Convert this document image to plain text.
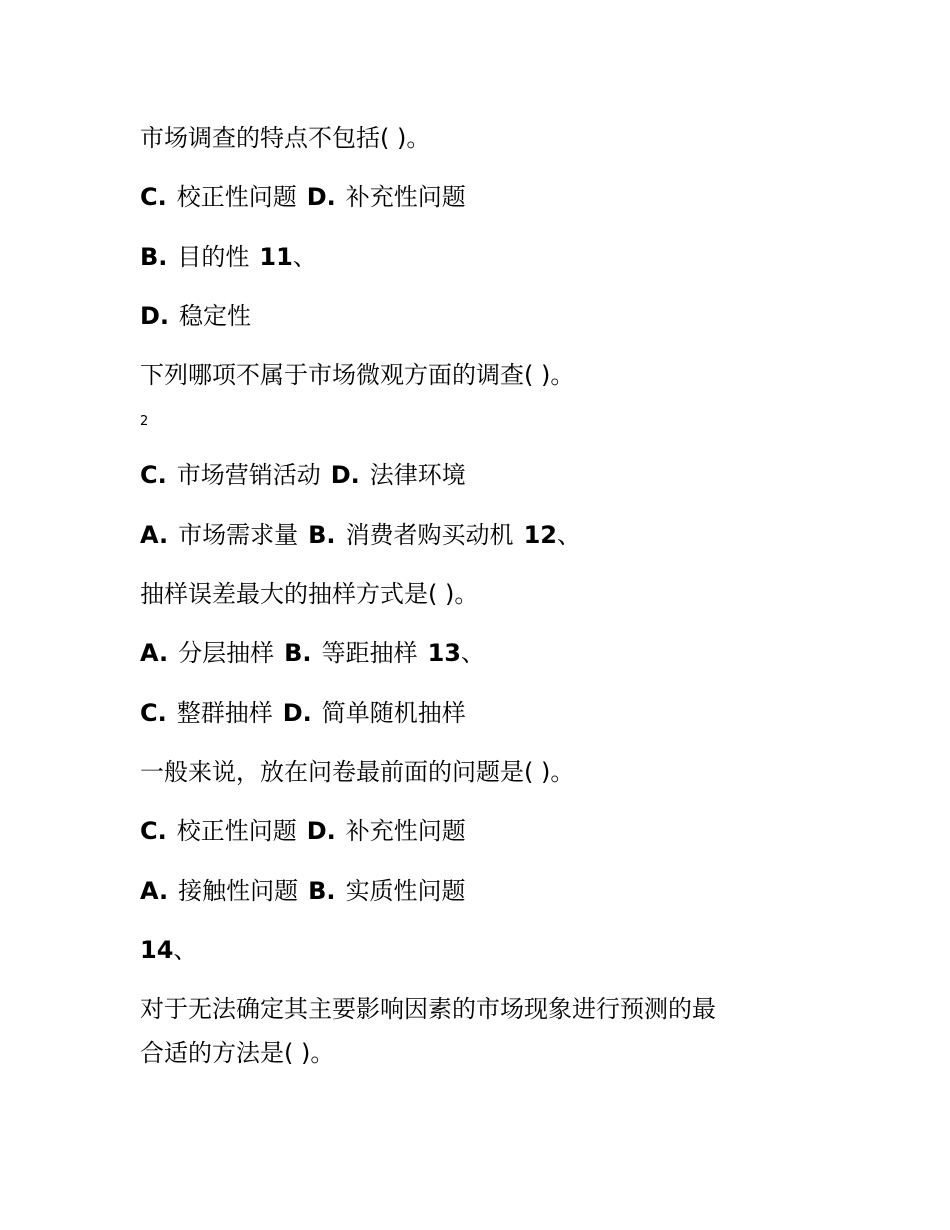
市场调查的特点不包括( )。
C. 校正性问题 D. 补充性问题
B. 目的性 11、
D. 稳定性
下列哪项不属于市场微观方面的调查( )。
2
C. 市场营销活动 D. 法律环境
A. 市场需求量 B. 消费者购买动机 12、
抽样误差最大的抽样方式是( )。
A. 分层抽样 B. 等距抽样 13、
C. 整群抽样 D. 简单随机抽样
一般来说，放在问卷最前面的问题是( )。
C. 校正性问题 D. 补充性问题
A. 接触性问题 B. 实质性问题
14、
对于无法确定其主要影响因素的市场现象进行预测的最
合适的方法是( )。
